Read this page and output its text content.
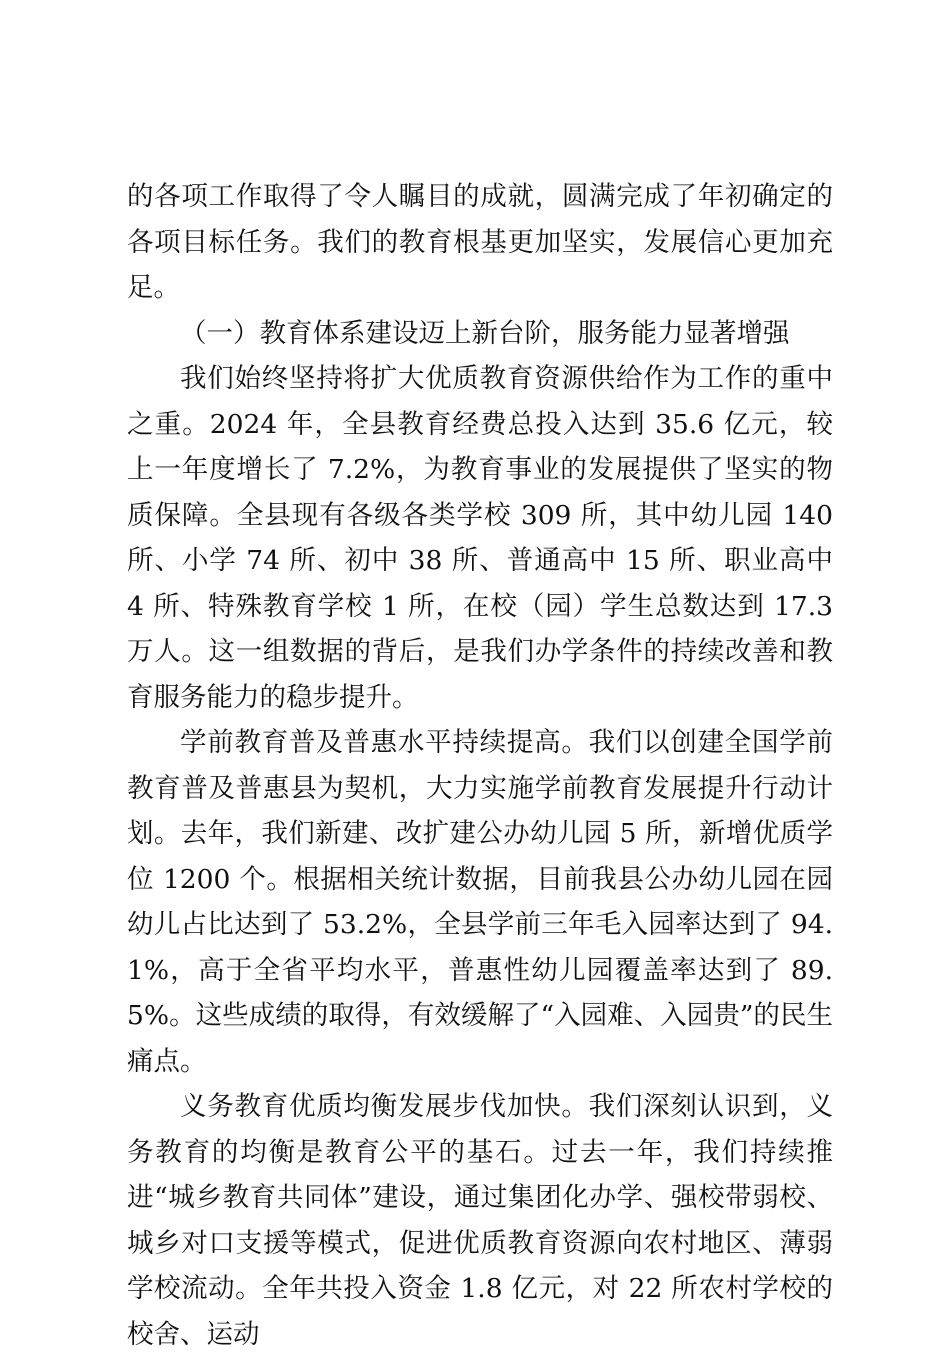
的各项工作取得了令人瞩目的成就，圆满完成了年初确定的各项目标任务。我们的教育根基更加坚实，发展信心更加充足。

（一）教育体系建设迈上新台阶，服务能力显著增强

我们始终坚持将扩大优质教育资源供给作为工作的重中之重。2024 年，全县教育经费总投入达到 35.6 亿元，较上一年度增长了 7.2%，为教育事业的发展提供了坚实的物质保障。全县现有各级各类学校 309 所，其中幼儿园 140 所、小学 74 所、初中 38 所、普通高中 15 所、职业高中 4 所、特殊教育学校 1 所，在校（园）学生总数达到 17.3 万人。这一组数据的背后，是我们办学条件的持续改善和教育服务能力的稳步提升。

学前教育普及普惠水平持续提高。我们以创建全国学前教育普及普惠县为契机，大力实施学前教育发展提升行动计划。去年，我们新建、改扩建公办幼儿园 5 所，新增优质学位 1200 个。根据相关统计数据，目前我县公办幼儿园在园幼儿占比达到了 53.2%，全县学前三年毛入园率达到了 94.1%，高于全省平均水平，普惠性幼儿园覆盖率达到了 89.5%。这些成绩的取得，有效缓解了“入园难、入园贵”的民生痛点。

义务教育优质均衡发展步伐加快。我们深刻认识到，义务教育的均衡是教育公平的基石。过去一年，我们持续推进“城乡教育共同体”建设，通过集团化办学、强校带弱校、城乡对口支援等模式，促进优质教育资源向农村地区、薄弱学校流动。全年共投入资金 1.8 亿元，对 22 所农村学校的校舍、运动
